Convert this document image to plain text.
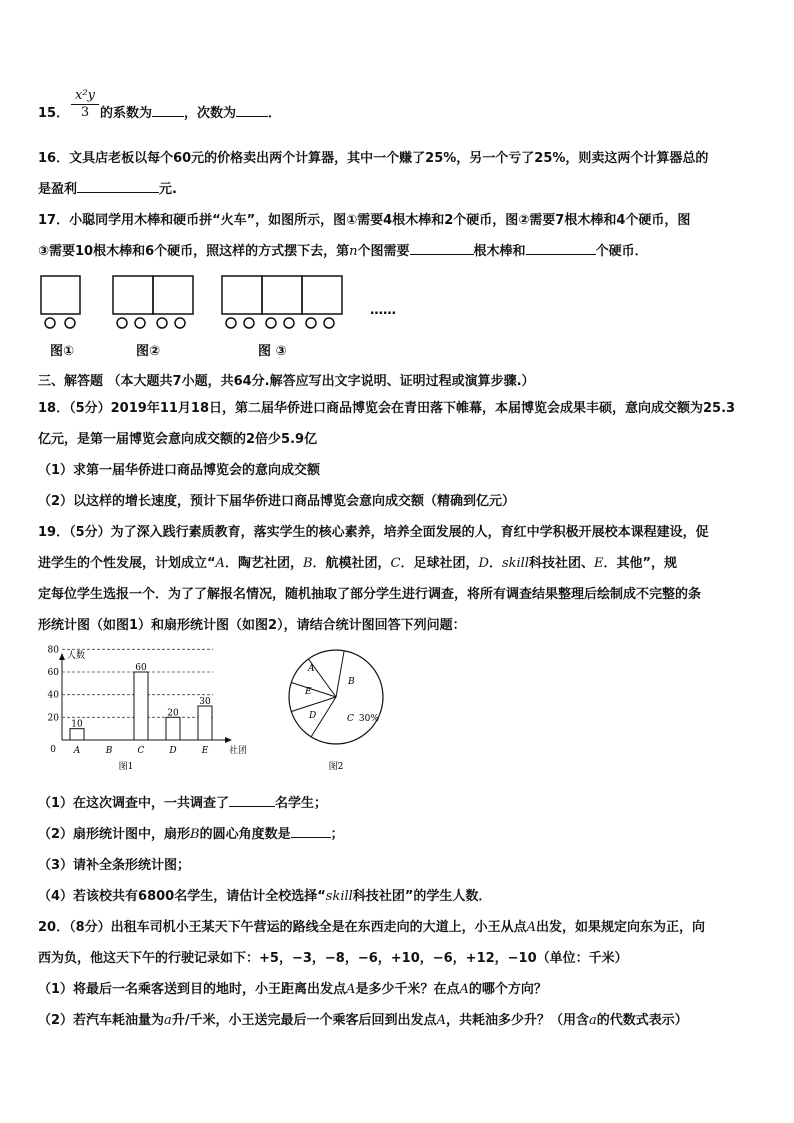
15． $\frac{\text{x²y}}{3}$ 的系数为 ，次数为 ．
16．文具店老板以每个60元的价格卖出两个计算器，其中一个赚了25%，另一个亏了25%，则卖这两个计算器总的
是盈利	元.
17．小聪同学用木棒和硬币拼“火车”，如图所示，图①需要4根木棒和2个硬币，图②需要7根木棒和4个硬币，图
③需要10根木棒和6个硬币，照这样的方式摆下去，第n个图需要	根木棒和	个硬币．
……
图①	图②	图 ③
三、解答题 （本大题共7小题，共64分.解答应写出文字说明、证明过程或演算步骤.）
18．（5分）2019年11月18日，第二届华侨进口商品博览会在青田落下帷幕，本届博览会成果丰硕，意向成交额为25.3
亿元，是第一届博览会意向成交额的2倍少5.9亿
（1）求第一届华侨进口商品博览会的意向成交额
（2）以这样的增长速度，预计下届华侨进口商品博览会意向成交额（精确到亿元）
19．（5分）为了深入践行素质教育，落实学生的核心素养，培养全面发展的人，育红中学积极开展校本课程建设，促
进学生的个性发展，计划成立“A．陶艺社团，B．航模社团，C．足球社团，D．skill科技社团、E．其他”，规
定每位学生选报一个．为了了解报名情况，随机抽取了部分学生进行调查，将所有调查结果整理后绘制成不完整的条
形统计图（如图1）和扇形统计图（如图2），请结合统计图回答下列问题：
0
20
40
60
80
人数
社团
A
10
B	C
60
D
20
E
30
A
E
D	C 30%
B
图1	图2
（1）在这次调查中，一共调查了	名学生；
（2）扇形统计图中，扇形B的圆心角度数是	；
（3）请补全条形统计图；
（4）若该校共有6800名学生，请估计全校选择“skill科技社团”的学生人数．
20．（8分）出租车司机小王某天下午营运的路线全是在东西走向的大道上，小王从点A出发，如果规定向东为正，向
西为负，他这天下午的行驶记录如下：+5，−3，−8，−6，+10，−6，+12，−10（单位：千米）
（1）将最后一名乘客送到目的地时，小王距离出发点A是多少千米？在点A的哪个方向？
（2）若汽车耗油量为a升/千米，小王送完最后一个乘客后回到出发点A，共耗油多少升？（用含a的代数式表示）
